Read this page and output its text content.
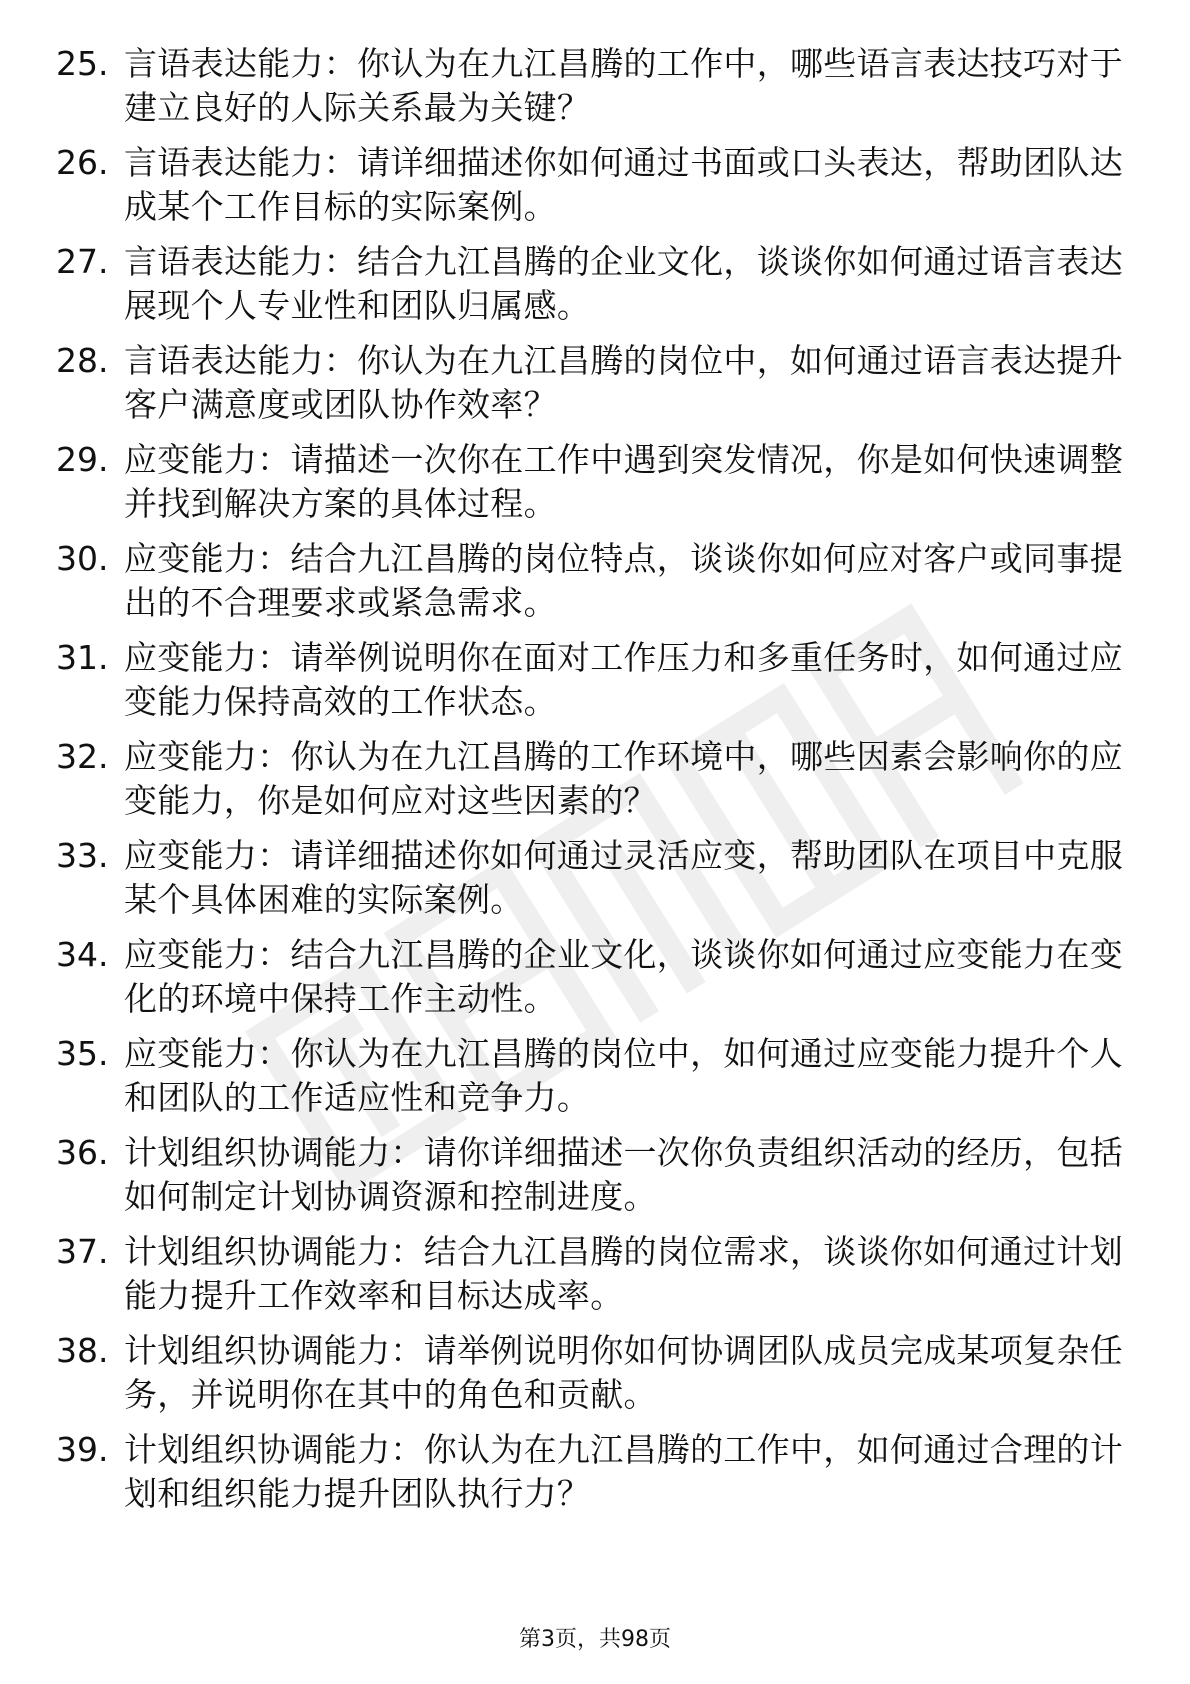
25. 言语表达能力：你认为在九江昌腾的工作中，哪些语言表达技巧对于建立良好的人际关系最为关键？
26. 言语表达能力：请详细描述你如何通过书面或口头表达，帮助团队达成某个工作目标的实际案例。
27. 言语表达能力：结合九江昌腾的企业文化，谈谈你如何通过语言表达展现个人专业性和团队归属感。
28. 言语表达能力：你认为在九江昌腾的岗位中，如何通过语言表达提升客户满意度或团队协作效率？
29. 应变能力：请描述一次你在工作中遇到突发情况，你是如何快速调整并找到解决方案的具体过程。
30. 应变能力：结合九江昌腾的岗位特点，谈谈你如何应对客户或同事提出的不合理要求或紧急需求。
31. 应变能力：请举例说明你在面对工作压力和多重任务时，如何通过应变能力保持高效的工作状态。
32. 应变能力：你认为在九江昌腾的工作环境中，哪些因素会影响你的应变能力，你是如何应对这些因素的？
33. 应变能力：请详细描述你如何通过灵活应变，帮助团队在项目中克服某个具体困难的实际案例。
34. 应变能力：结合九江昌腾的企业文化，谈谈你如何通过应变能力在变化的环境中保持工作主动性。
35. 应变能力：你认为在九江昌腾的岗位中，如何通过应变能力提升个人和团队的工作适应性和竞争力。
36. 计划组织协调能力：请你详细描述一次你负责组织活动的经历，包括如何制定计划协调资源和控制进度。
37. 计划组织协调能力：结合九江昌腾的岗位需求，谈谈你如何通过计划能力提升工作效率和目标达成率。
38. 计划组织协调能力：请举例说明你如何协调团队成员完成某项复杂任务，并说明你在其中的角色和贡献。
39. 计划组织协调能力：你认为在九江昌腾的工作中，如何通过合理的计划和组织能力提升团队执行力？
第3页，共98页
